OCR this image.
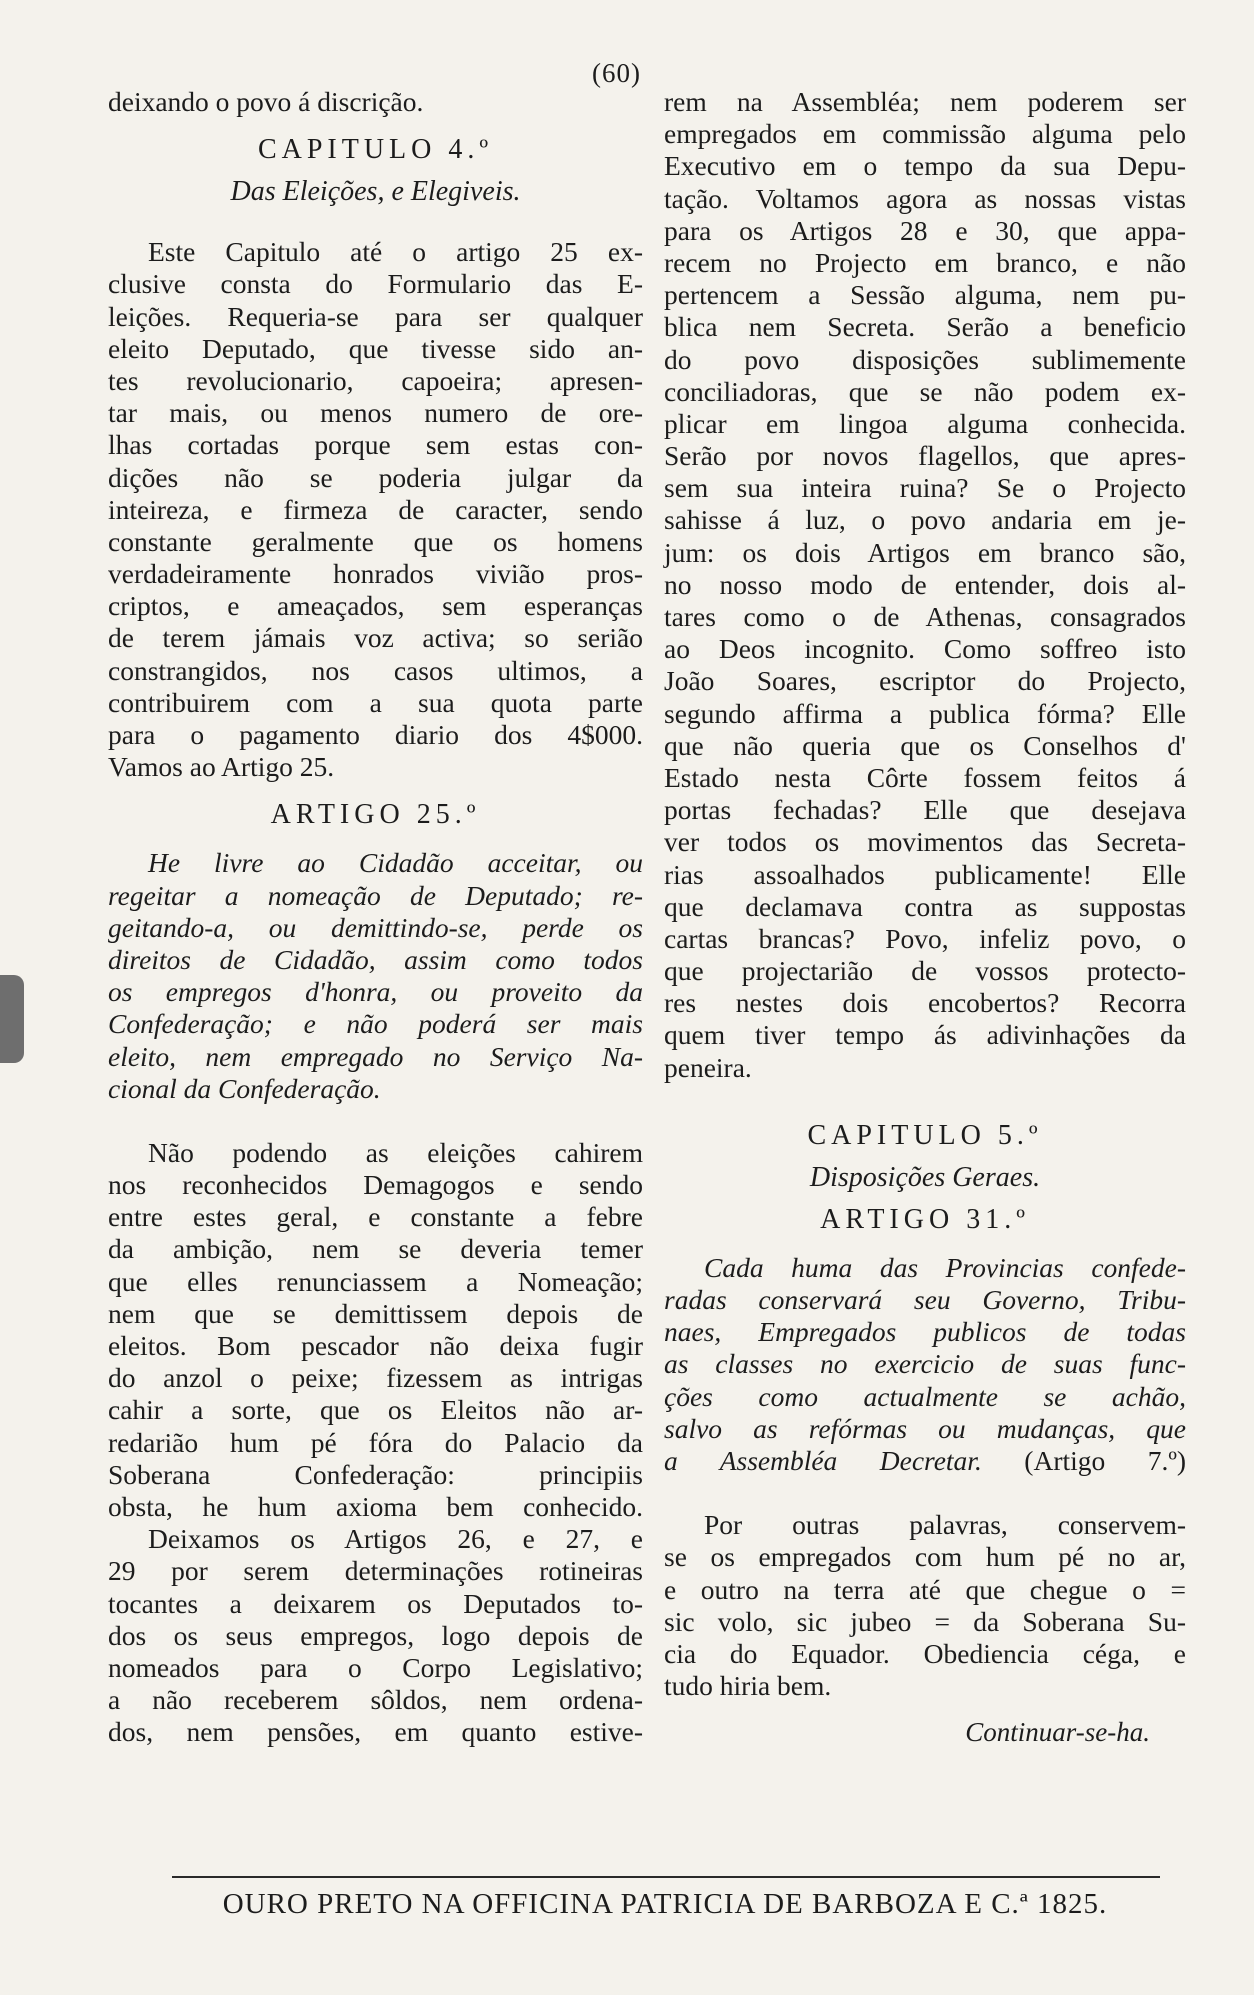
(60)
deixando o povo á discrição.
CAPITULO 4.º
Das Eleições, e Elegiveis.
Este Capitulo até o artigo 25 ex-
clusive consta do Formulario das E-
leições. Requeria-se para ser qualquer
eleito Deputado, que tivesse sido an-
tes revolucionario, capoeira; apresen-
tar mais, ou menos numero de ore-
lhas cortadas porque sem estas con-
dições não se poderia julgar da
inteireza, e firmeza de caracter, sendo
constante geralmente que os homens
verdadeiramente honrados vivião pros-
criptos, e ameaçados, sem esperanças
de terem jámais voz activa; so serião
constrangidos, nos casos ultimos, a
contribuirem com a sua quota parte
para o pagamento diario dos 4$000.
Vamos ao Artigo 25.
ARTIGO 25.º
He livre ao Cidadão acceitar, ou
regeitar a nomeação de Deputado; re-
geitando-a, ou demittindo-se, perde os
direitos de Cidadão, assim como todos
os empregos d'honra, ou proveito da
Confederação; e não poderá ser mais
eleito, nem empregado no Serviço Na-
cional da Confederação.
Não podendo as eleições cahirem
nos reconhecidos Demagogos e sendo
entre estes geral, e constante a febre
da ambição, nem se deveria temer
que elles renunciassem a Nomeação;
nem que se demittissem depois de
eleitos. Bom pescador não deixa fugir
do anzol o peixe; fizessem as intrigas
cahir a sorte, que os Eleitos não ar-
redarião hum pé fóra do Palacio da
Soberana Confederação: principiis
obsta, he hum axioma bem conhecido.
Deixamos os Artigos 26, e 27, e
29 por serem determinações rotineiras
tocantes a deixarem os Deputados to-
dos os seus empregos, logo depois de
nomeados para o Corpo Legislativo;
a não receberem sôldos, nem ordena-
dos, nem pensões, em quanto estive-
rem na Assembléa; nem poderem ser
empregados em commissão alguma pelo
Executivo em o tempo da sua Depu-
tação. Voltamos agora as nossas vistas
para os Artigos 28 e 30, que appa-
recem no Projecto em branco, e não
pertencem a Sessão alguma, nem pu-
blica nem Secreta. Serão a beneficio
do povo disposições sublimemente
conciliadoras, que se não podem ex-
plicar em lingoa alguma conhecida.
Serão por novos flagellos, que apres-
sem sua inteira ruina? Se o Projecto
sahisse á luz, o povo andaria em je-
jum: os dois Artigos em branco são,
no nosso modo de entender, dois al-
tares como o de Athenas, consagrados
ao Deos incognito. Como soffreo isto
João Soares, escriptor do Projecto,
segundo affirma a publica fórma? Elle
que não queria que os Conselhos d'
Estado nesta Côrte fossem feitos á
portas fechadas? Elle que desejava
ver todos os movimentos das Secreta-
rias assoalhados publicamente! Elle
que declamava contra as suppostas
cartas brancas? Povo, infeliz povo, o
que projectarião de vossos protecto-
res nestes dois encobertos? Recorra
quem tiver tempo ás adivinhações da
peneira.
CAPITULO 5.º
Disposições Geraes.
ARTIGO 31.º
Cada huma das Provincias confede-
radas conservará seu Governo, Tribu-
naes, Empregados publicos de todas
as classes no exercicio de suas func-
ções como actualmente se achão,
salvo as refórmas ou mudanças, que
a Assembléa Decretar. (Artigo 7.º)
Por outras palavras, conservem-
se os empregados com hum pé no ar,
e outro na terra até que chegue o =
sic volo, sic jubeo = da Soberana Su-
cia do Equador. Obediencia céga, e
tudo hiria bem.
Continuar-se-ha.
OURO PRETO NA OFFICINA PATRICIA DE BARBOZA E C.ª 1825.
